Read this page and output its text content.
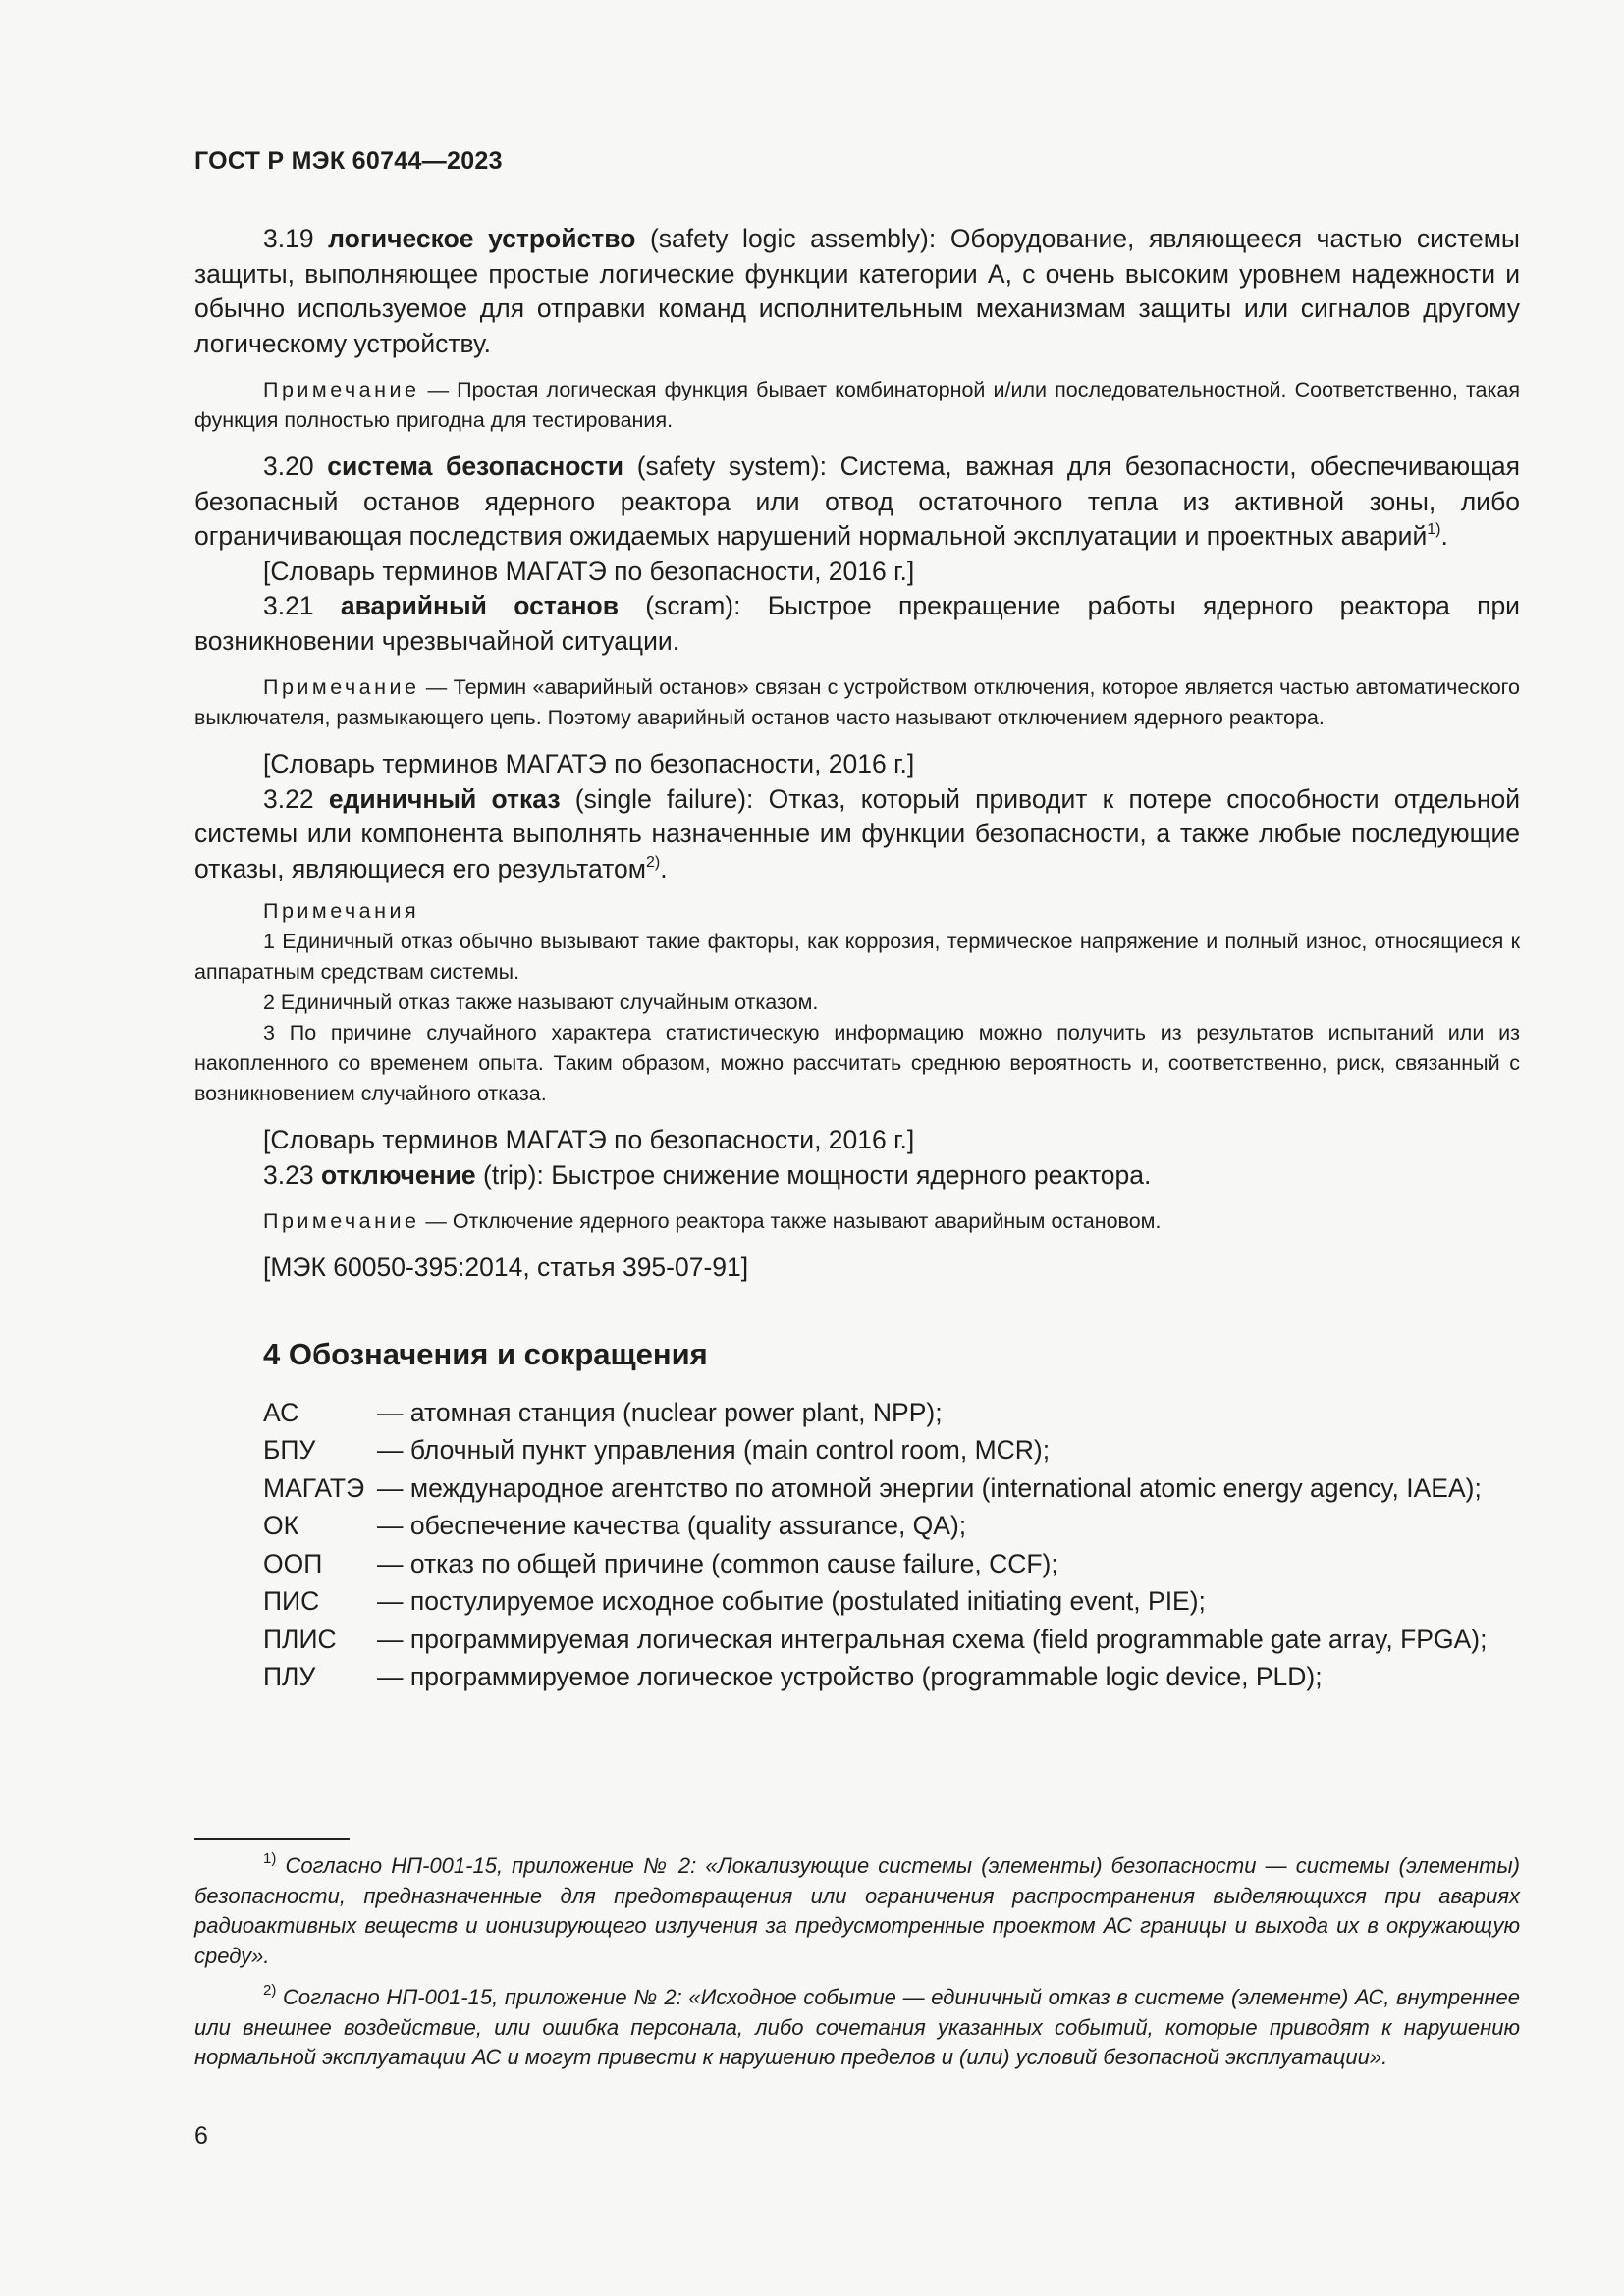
ГОСТ Р МЭК 60744—2023

3.19 логическое устройство (safety logic assembly): Оборудование, являющееся частью системы защиты, выполняющее простые логические функции категории А, с очень высоким уровнем надежности и обычно используемое для отправки команд исполнительным механизмам защиты или сигналов другому логическому устройству.

Примечание — Простая логическая функция бывает комбинаторной и/или последовательностной. Соответственно, такая функция полностью пригодна для тестирования.

3.20 система безопасности (safety system): Система, важная для безопасности, обеспечивающая безопасный останов ядерного реактора или отвод остаточного тепла из активной зоны, либо ограничивающая последствия ожидаемых нарушений нормальной эксплуатации и проектных аварий$^{1)}$.

[Словарь терминов МАГАТЭ по безопасности, 2016 г.]

3.21 аварийный останов (scram): Быстрое прекращение работы ядерного реактора при возникновении чрезвычайной ситуации.

Примечание — Термин «аварийный останов» связан с устройством отключения, которое является частью автоматического выключателя, размыкающего цепь. Поэтому аварийный останов часто называют отключением ядерного реактора.

[Словарь терминов МАГАТЭ по безопасности, 2016 г.]

3.22 единичный отказ (single failure): Отказ, который приводит к потере способности отдельной системы или компонента выполнять назначенные им функции безопасности, а также любые последующие отказы, являющиеся его результатом$^{2)}$.

Примечания

1 Единичный отказ обычно вызывают такие факторы, как коррозия, термическое напряжение и полный износ, относящиеся к аппаратным средствам системы.

2 Единичный отказ также называют случайным отказом.

3 По причине случайного характера статистическую информацию можно получить из результатов испытаний или из накопленного со временем опыта. Таким образом, можно рассчитать среднюю вероятность и, соответственно, риск, связанный с возникновением случайного отказа.

[Словарь терминов МАГАТЭ по безопасности, 2016 г.]

3.23 отключение (trip): Быстрое снижение мощности ядерного реактора.

Примечание — Отключение ядерного реактора также называют аварийным остановом.

[МЭК 60050-395:2014, статья 395-07-91]

4 Обозначения и сокращения
АС	— атомная станция (nuclear power plant, NPP);
БПУ	— блочный пункт управления (main control room, MCR);
МАГАТЭ — международное агентство по атомной энергии (international atomic energy agency, IAEA);
ОК	— обеспечение качества (quality assurance, QA);
ООП	— отказ по общей причине (common cause failure, CCF);
ПИС	— постулируемое исходное событие (postulated initiating event, PIE);
ПЛИС	— программируемая логическая интегральная схема (field programmable gate array, FPGA);
ПЛУ	— программируемое логическое устройство (programmable logic device, PLD);

$^{1)}$ Согласно НП-001-15, приложение № 2: «Локализующие системы (элементы) безопасности — системы (элементы) безопасности, предназначенные для предотвращения или ограничения распространения выделяющихся при авариях радиоактивных веществ и ионизирующего излучения за предусмотренные проектом АС границы и выхода их в окружающую среду».

$^{2)}$ Согласно НП-001-15, приложение № 2: «Исходное событие — единичный отказ в системе (элементе) АС, внутреннее или внешнее воздействие, или ошибка персонала, либо сочетания указанных событий, которые приводят к нарушению нормальной эксплуатации АС и могут привести к нарушению пределов и (или) условий безопасной эксплуатации».

6
